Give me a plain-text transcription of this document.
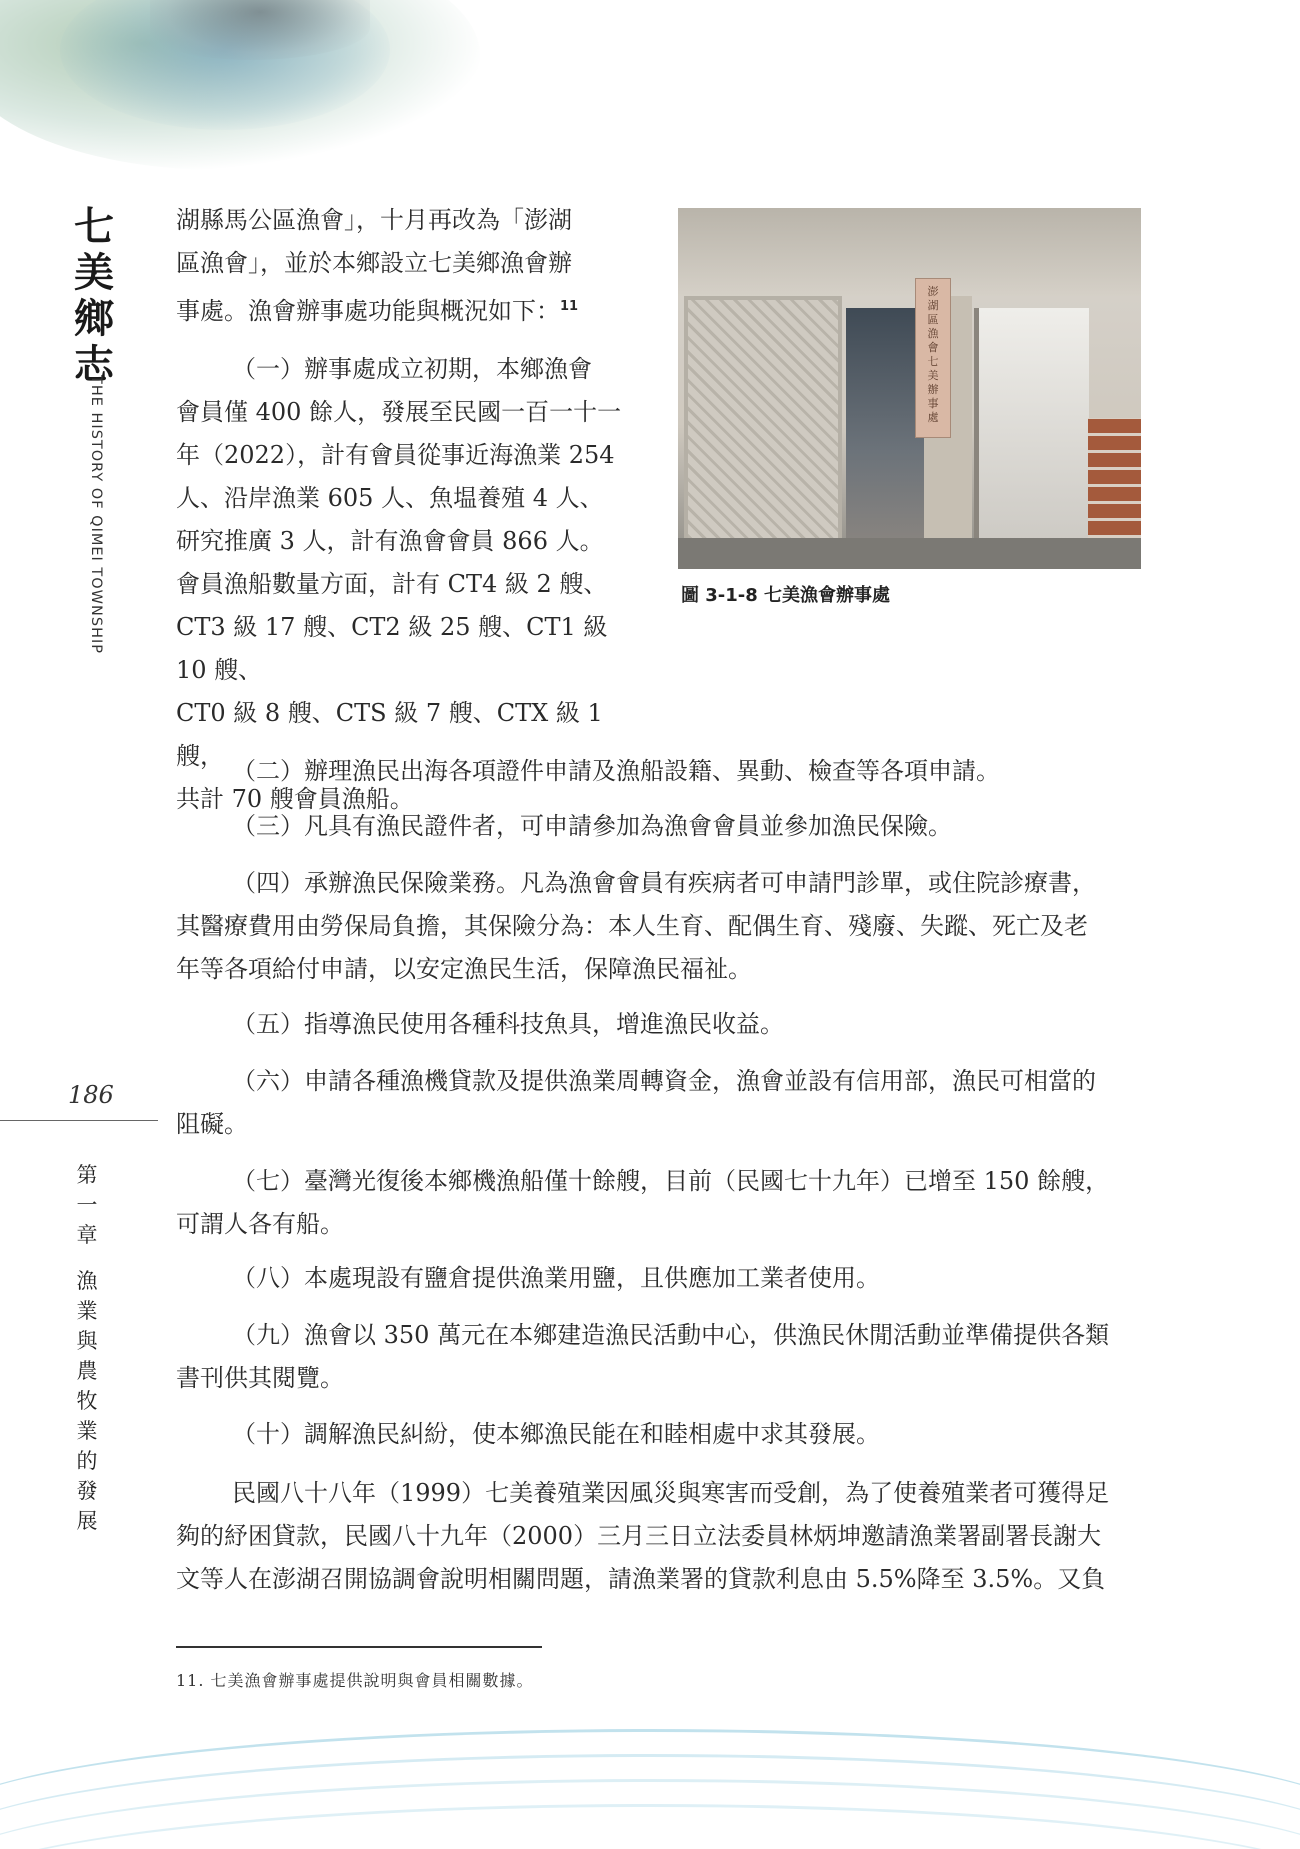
七
美
鄉
志
THE HISTORY OF QIMEI TOWNSHIP
186
第
一
章
漁
業
與
農
牧
業
的
發
展
湖縣馬公區漁會」，十月再改為「澎湖
區漁會」，並於本鄉設立七美鄉漁會辦
事處。漁會辦事處功能與概況如下：$^{11}$
（一）辦事處成立初期，本鄉漁會
會員僅 400 餘人，發展至民國一百一十一
年（2022），計有會員從事近海漁業 254
人、沿岸漁業 605 人、魚塭養殖 4 人、
研究推廣 3 人，計有漁會會員 866 人。
會員漁船數量方面，計有 CT4 級 2 艘、
CT3 級 17 艘、CT2 級 25 艘、CT1 級 10 艘、
CT0 級 8 艘、CTS 級 7 艘、CTX 級 1 艘，
共計 70 艘會員漁船。
澎
湖
區
漁
會
七
美
辦
事
處
圖 3-1-8 七美漁會辦事處
（二）辦理漁民出海各項證件申請及漁船設籍、異動、檢查等各項申請。
（三）凡具有漁民證件者，可申請參加為漁會會員並參加漁民保險。
（四）承辦漁民保險業務。凡為漁會會員有疾病者可申請門診單，或住院診療書，
其醫療費用由勞保局負擔，其保險分為：本人生育、配偶生育、殘廢、失蹤、死亡及老
年等各項給付申請，以安定漁民生活，保障漁民福祉。
（五）指導漁民使用各種科技魚具，增進漁民收益。
（六）申請各種漁機貸款及提供漁業周轉資金，漁會並設有信用部，漁民可相當的
阻礙。
（七）臺灣光復後本鄉機漁船僅十餘艘，目前（民國七十九年）已增至 150 餘艘，
可謂人各有船。
（八）本處現設有鹽倉提供漁業用鹽，且供應加工業者使用。
（九）漁會以 350 萬元在本鄉建造漁民活動中心，供漁民休閒活動並準備提供各類
書刊供其閱覽。
（十）調解漁民糾紛，使本鄉漁民能在和睦相處中求其發展。
民國八十八年（1999）七美養殖業因風災與寒害而受創，為了使養殖業者可獲得足
夠的紓困貸款，民國八十九年（2000）三月三日立法委員林炳坤邀請漁業署副署長謝大
文等人在澎湖召開協調會說明相關問題，請漁業署的貸款利息由 5.5%降至 3.5%。又負
11. 七美漁會辦事處提供說明與會員相關數據。
